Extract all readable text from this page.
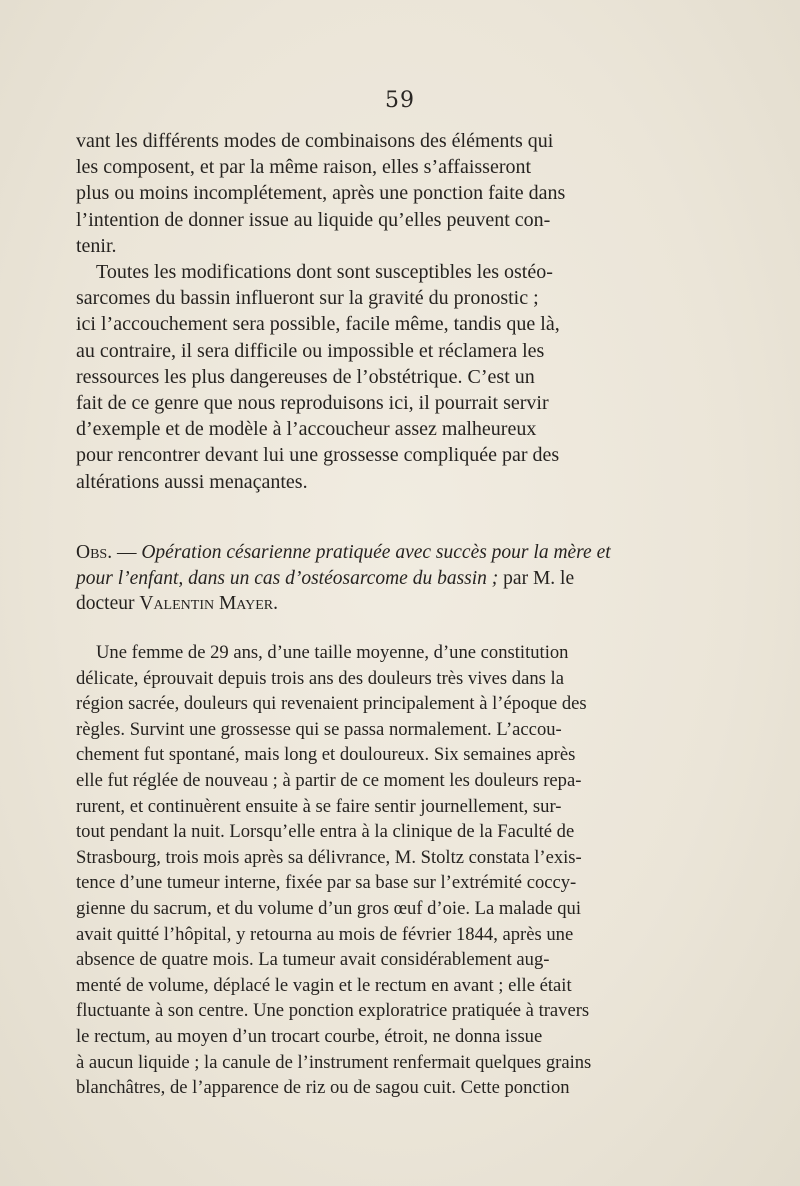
59

vant les différents modes de combinaisons des éléments qui
les composent, et par la même raison, elles s’affaisseront
plus ou moins incomplétement, après une ponction faite dans
l’intention de donner issue au liquide qu’elles peuvent con-
tenir.

Toutes les modifications dont sont susceptibles les ostéo-
sarcomes du bassin influeront sur la gravité du pronostic ;
ici l’accouchement sera possible, facile même, tandis que là,
au contraire, il sera difficile ou impossible et réclamera les
ressources les plus dangereuses de l’obstétrique. C’est un
fait de ce genre que nous reproduisons ici, il pourrait servir
d’exemple et de modèle à l’accoucheur assez malheureux
pour rencontrer devant lui une grossesse compliquée par des
altérations aussi menaçantes.

Obs. — Opération césarienne pratiquée avec succès pour la mère et
pour l’enfant, dans un cas d’ostéosarcome du bassin ; par M. le
docteur Valentin Mayer.

Une femme de 29 ans, d’une taille moyenne, d’une constitution
délicate, éprouvait depuis trois ans des douleurs très vives dans la
région sacrée, douleurs qui revenaient principalement à l’époque des
règles. Survint une grossesse qui se passa normalement. L’accou-
chement fut spontané, mais long et douloureux. Six semaines après
elle fut réglée de nouveau ; à partir de ce moment les douleurs repa-
rurent, et continuèrent ensuite à se faire sentir journellement, sur-
tout pendant la nuit. Lorsqu’elle entra à la clinique de la Faculté de
Strasbourg, trois mois après sa délivrance, M. Stoltz constata l’exis-
tence d’une tumeur interne, fixée par sa base sur l’extrémité coccy-
gienne du sacrum, et du volume d’un gros œuf d’oie. La malade qui
avait quitté l’hôpital, y retourna au mois de février 1844, après une
absence de quatre mois. La tumeur avait considérablement aug-
menté de volume, déplacé le vagin et le rectum en avant ; elle était
fluctuante à son centre. Une ponction exploratrice pratiquée à travers
le rectum, au moyen d’un trocart courbe, étroit, ne donna issue
à aucun liquide ; la canule de l’instrument renfermait quelques grains
blanchâtres, de l’apparence de riz ou de sagou cuit. Cette ponction
